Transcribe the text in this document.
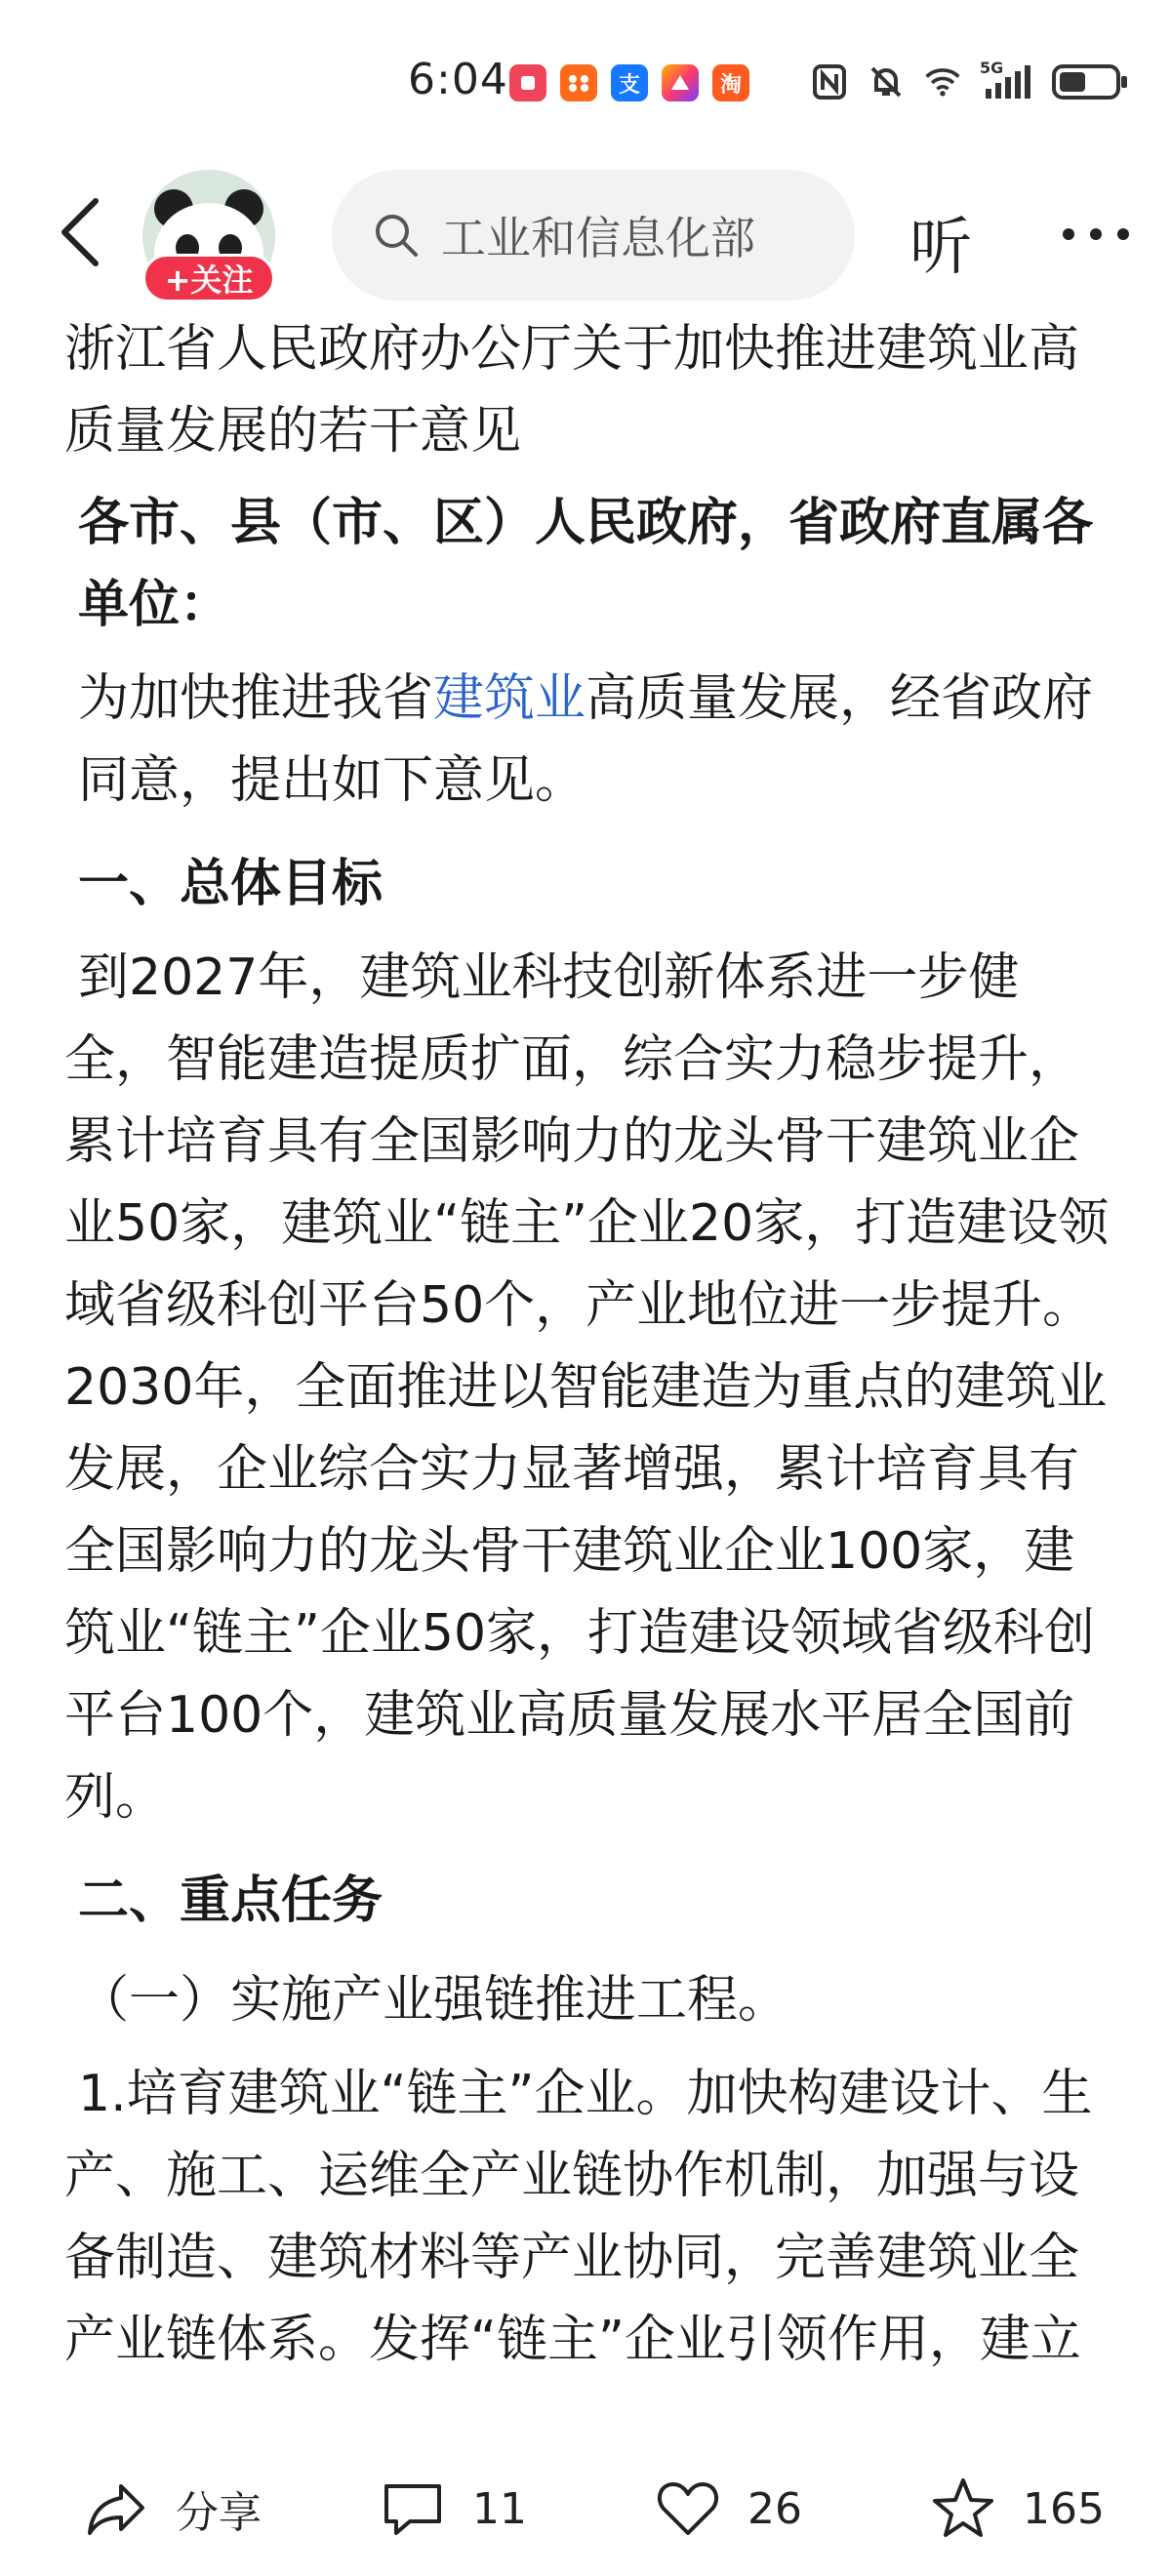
6:04	支	淘
5G
+关注
工业和信息化部	听
浙江省人民政府办公厅关于加快推进建筑业高质量发展的若干意见
各市、县（市、区）人民政府，省政府直属各单位：
为加快推进我省建筑业高质量发展，经省政府同意，提出如下意见。
一、总体目标
到2027年，建筑业科技创新体系进一步健全，智能建造提质扩面，综合实力稳步提升，累计培育具有全国影响力的龙头骨干建筑业企业50家，建筑业“链主”企业20家，打造建设领域省级科创平台50个，产业地位进一步提升。2030年，全面推进以智能建造为重点的建筑业发展，企业综合实力显著增强，累计培育具有全国影响力的龙头骨干建筑业企业100家，建筑业“链主”企业50家，打造建设领域省级科创平台100个，建筑业高质量发展水平居全国前列。
二、重点任务
（一）实施产业强链推进工程。
1.培育建筑业“链主”企业。加快构建设计、生产、施工、运维全产业链协作机制，加强与设备制造、建筑材料等产业协同，完善建筑业全产业链体系。发挥“链主”企业引领作用，建立
分享	11	26	165
